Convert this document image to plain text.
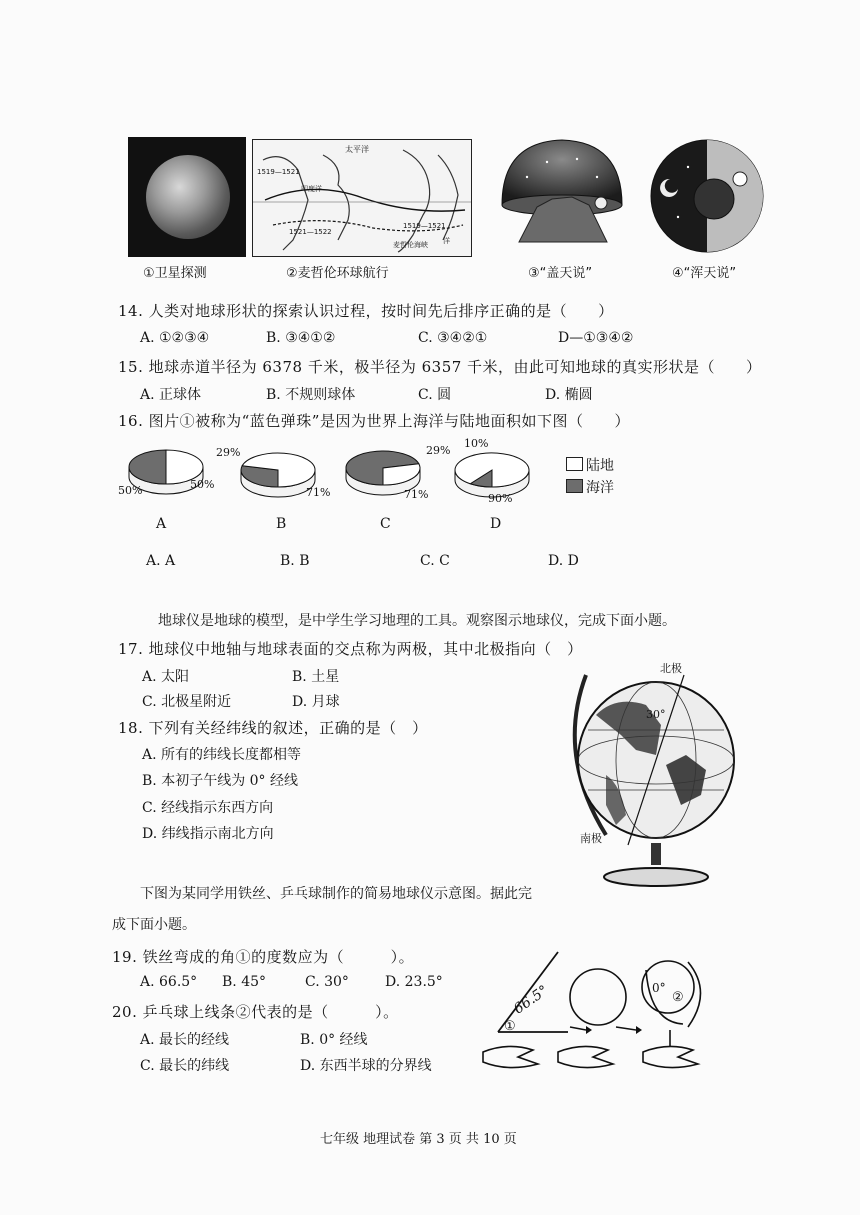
太平洋
印度洋
1519—1521
1521—1522
1519—1521
麦哲伦海峡 洋
①卫星探测	②麦哲伦环球航行	③“盖天说”	④“浑天说”
14. 人类对地球形状的探索认识过程，按时间先后排序正确的是（　　）
A. ①②③④	B. ③④①②	C. ③④②①	D—①③④②
15. 地球赤道半径为 6378 千米，极半径为 6357 千米，由此可知地球的真实形状是（　　）
A. 正球体	B. 不规则球体	C. 圆	D. 椭圆
16. 图片①被称为“蓝色弹珠”是因为世界上海洋与陆地面积如下图（　　）
50%	50%
29%
71%
29%
71%
10%
90%
A	B	C	D
陆地
海洋
A. A	B. B	C. C	D. D
地球仪是地球的模型，是中学生学习地理的工具。观察图示地球仪，完成下面小题。
17. 地球仪中地轴与地球表面的交点称为两极，其中北极指向（　）
A. 太阳	B. 土星
C. 北极星附近	D. 月球
18. 下列有关经纬线的叙述，正确的是（　）
A. 所有的纬线长度都相等
B. 本初子午线为 0° 经线
C. 经线指示东西方向
D. 纬线指示南北方向
北极
南极
30°
下图为某同学用铁丝、乒乓球制作的简易地球仪示意图。据此完
成下面小题。
19. 铁丝弯成的角①的度数应为（　　　）。
A. 66.5° B. 45°	C. 30°	D. 23.5°
20. 乒乓球上线条②代表的是（　　　）。
A. 最长的经线	B. 0° 经线
C. 最长的纬线	D. 东西半球的分界线
①
66.5°	0°
②
七年级 地理试卷 第 3 页 共 10 页
